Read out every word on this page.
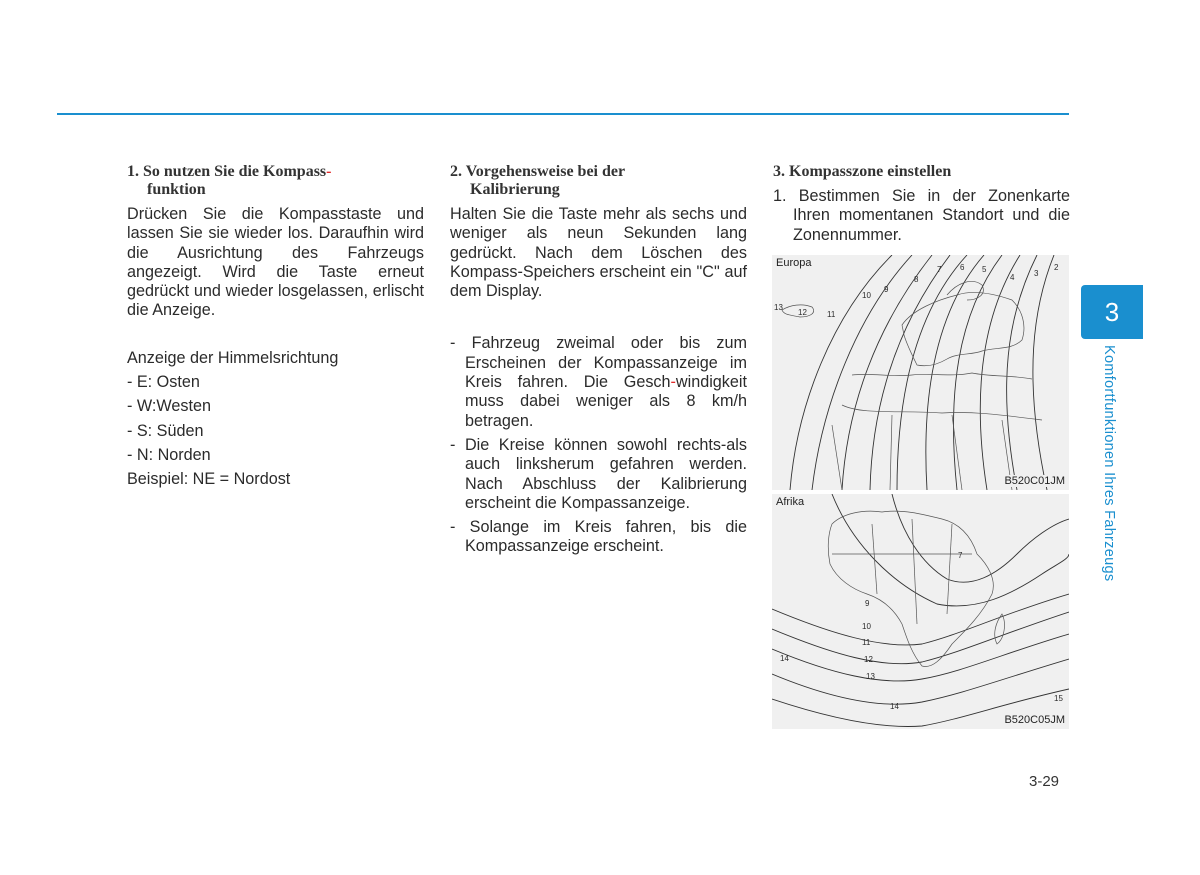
1. So nutzen Sie die Kompass-
funktion

Drücken Sie die Kompasstaste und lassen Sie sie wieder los. Daraufhin wird die Ausrichtung des Fahrzeugs angezeigt. Wird die Taste erneut gedrückt und wieder losgelassen, erlischt die Anzeige.

Anzeige der Himmelsrichtung

- E: Osten
- W:Westen
- S: Süden
- N: Norden
Beispiel: NE = Nordost
2. Vorgehensweise bei der
Kalibrierung

Halten Sie die Taste mehr als sechs und weniger als neun Sekunden lang gedrückt. Nach dem Löschen des Kompass-Speichers erscheint ein "C" auf dem Display.

- Fahrzeug zweimal oder bis zum Erscheinen der Kompassanzeige im Kreis fahren. Die Gesch-windigkeit muss dabei weniger als 8 km/h betragen.
- Die Kreise können sowohl rechts-als auch linksherum gefahren werden. Nach Abschluss der Kalibrierung erscheint die Kompassanzeige.
- Solange im Kreis fahren, bis die Kompassanzeige erscheint.
3. Kompasszone einstellen
1. Bestimmen Sie in der Zonenkarte Ihren momentanen Standort und die Zonennummer.
Europa
13
12	11
10
9
8
7 6 5
4 3
2
B520C01JM
Afrika
9
10
11
12
13
14
14
15
7
B520C05JM
3
Komfortfunktionen Ihres Fahrzeugs
3-29
